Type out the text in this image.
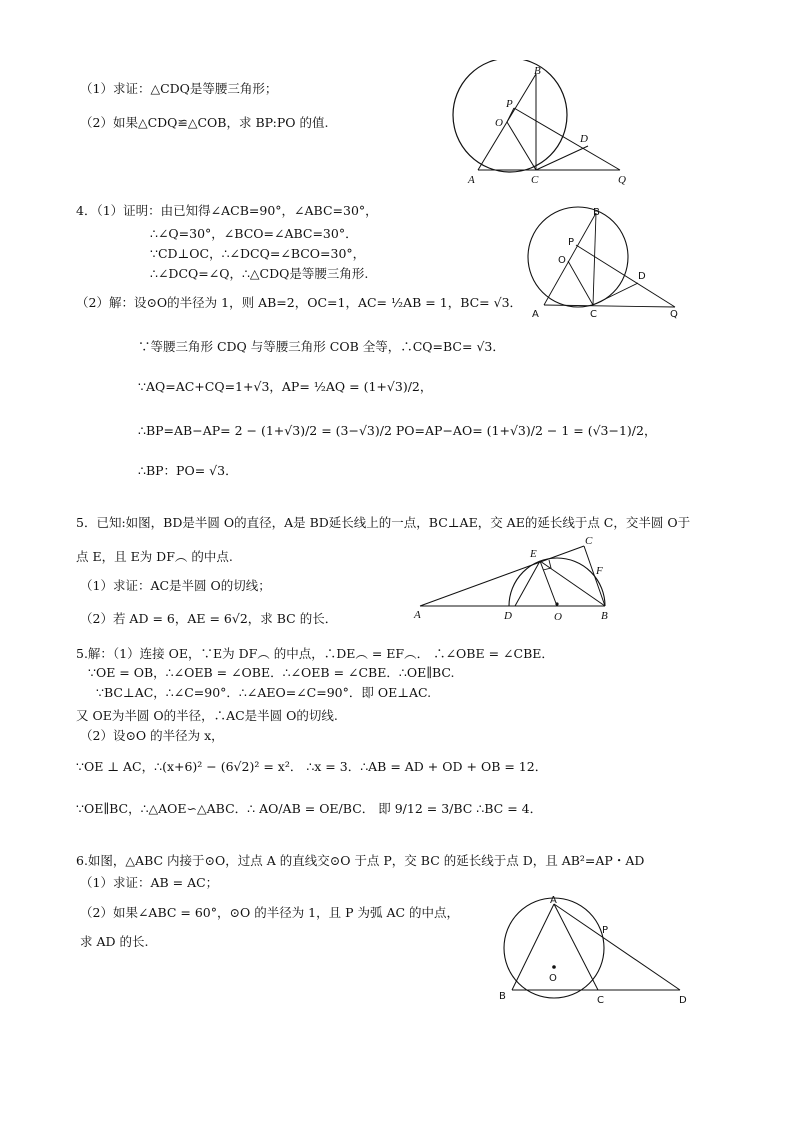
（1）求证：△CDQ是等腰三角形；
（2）如果△CDQ≌△COB，求 BP:PO 的值.
4．（1）证明：由已知得∠ACB=90°，∠ABC=30°，
∴∠Q=30°，∠BCO=∠ABC=30°．
∵CD⊥OC，∴∠DCQ=∠BCO=30°，
∴∠DCQ=∠Q，∴△CDQ是等腰三角形.
（2）解：设⊙O的半径为 1，则 AB=2，OC=1，AC= ½AB = 1，BC= √3．
∵等腰三角形 CDQ 与等腰三角形 COB 全等，∴CQ=BC= √3．
∵AQ=AC+CQ=1+√3，AP= ½AQ = (1+√3)/2，
∴BP=AB−AP= 2 − (1+√3)/2 = (3−√3)/2 PO=AP−AO= (1+√3)/2 − 1 = (√3−1)/2，
∴BP：PO= √3．
5．已知:如图，BD是半圆 O的直径，A是 BD延长线上的一点，BC⊥AE，交 AE的延长线于点 C，交半圆 O于
点 E，且 E为 DF︵ 的中点.
（1）求证：AC是半圆 O的切线；
（2）若 AD = 6，AE = 6√2，求 BC 的长．
5.解：（1）连接 OE，∵E为 DF︵ 的中点，∴DE︵ = EF︵． ∴∠OBE = ∠CBE．
∵OE = OB，∴∠OEB = ∠OBE．∴∠OEB = ∠CBE．∴OE∥BC.
∵BC⊥AC，∴∠C=90°．∴∠AEO=∠C=90°．即 OE⊥AC.
又 OE为半圆 O的半径，∴AC是半圆 O的切线.
（2）设⊙O 的半径为 x，
∵OE ⊥ AC，∴(x+6)² − (6√2)² = x²． ∴x = 3．∴AB = AD + OD + OB = 12．
∵OE∥BC，∴△AOE∽△ABC．∴ AO/AB = OE/BC． 即 9/12 = 3/BC ∴BC = 4．
6.如图，△ABC 内接于⊙O，过点 A 的直线交⊙O 于点 P，交 BC 的延长线于点 D，且 AB²=AP・AD
（1）求证：AB = AC；
（2）如果∠ABC = 60°，⊙O 的半径为 1，且 P 为弧 AC 的中点，
求 AD 的长.
B
P
O
D
A	C	Q
B
P
O
D
A	C	Q
C
E
F
A	D	O	B
A
P
O
B	C	D
